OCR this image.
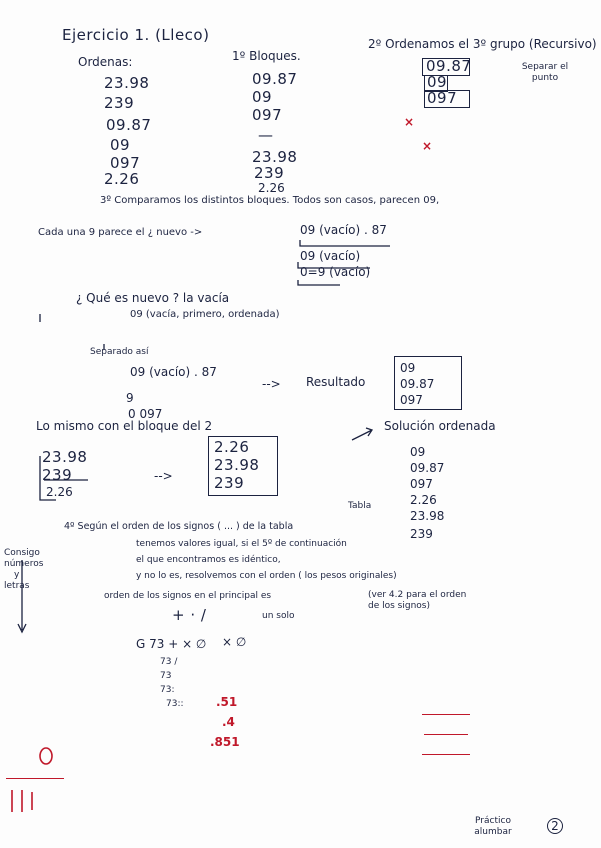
Ejercicio 1. (Lleco)
Ordenas:	1º Bloques.
2º Ordenamos el 3º grupo (Recursivo)
Separar el punto
23.98
239
09.87
09
097
2.26
09.87
09
097
—
23.98
239
2.26
09.87
09
097
×
×
3º Comparamos los distintos bloques. Todos son casos, parecen 09,
Cada una 9 parece el ¿ nuevo ->	09 (vacío) . 87
09 (vacío)
0=9 (vacío)
¿ Qué es nuevo ? la vacía
09 (vacía, primero, ordenada)
Separado así
09 (vacío) . 87
9
0 097
--> Resultado
09
09.87
097
Lo mismo con el bloque del 2
23.98
239
2.26
-->
2.26
23.98
239
Solución ordenada
09
09.87
097
2.26
23.98
239
Tabla
4º Según el orden de los signos ( ... ) de la tabla
tenemos valores igual, si el 5º de continuación
el que encontramos es idéntico,
y no lo es, resolvemos con el orden ( los pesos originales)
orden de los signos en el principal es	(ver 4.2 para el orden de los signos)
+ · /	un solo
× ∅
Consigo
números
y
letras
G 73 + × ∅
73 /
73
73:
73::	.51
.4
.851
Práctico alumbar	2
